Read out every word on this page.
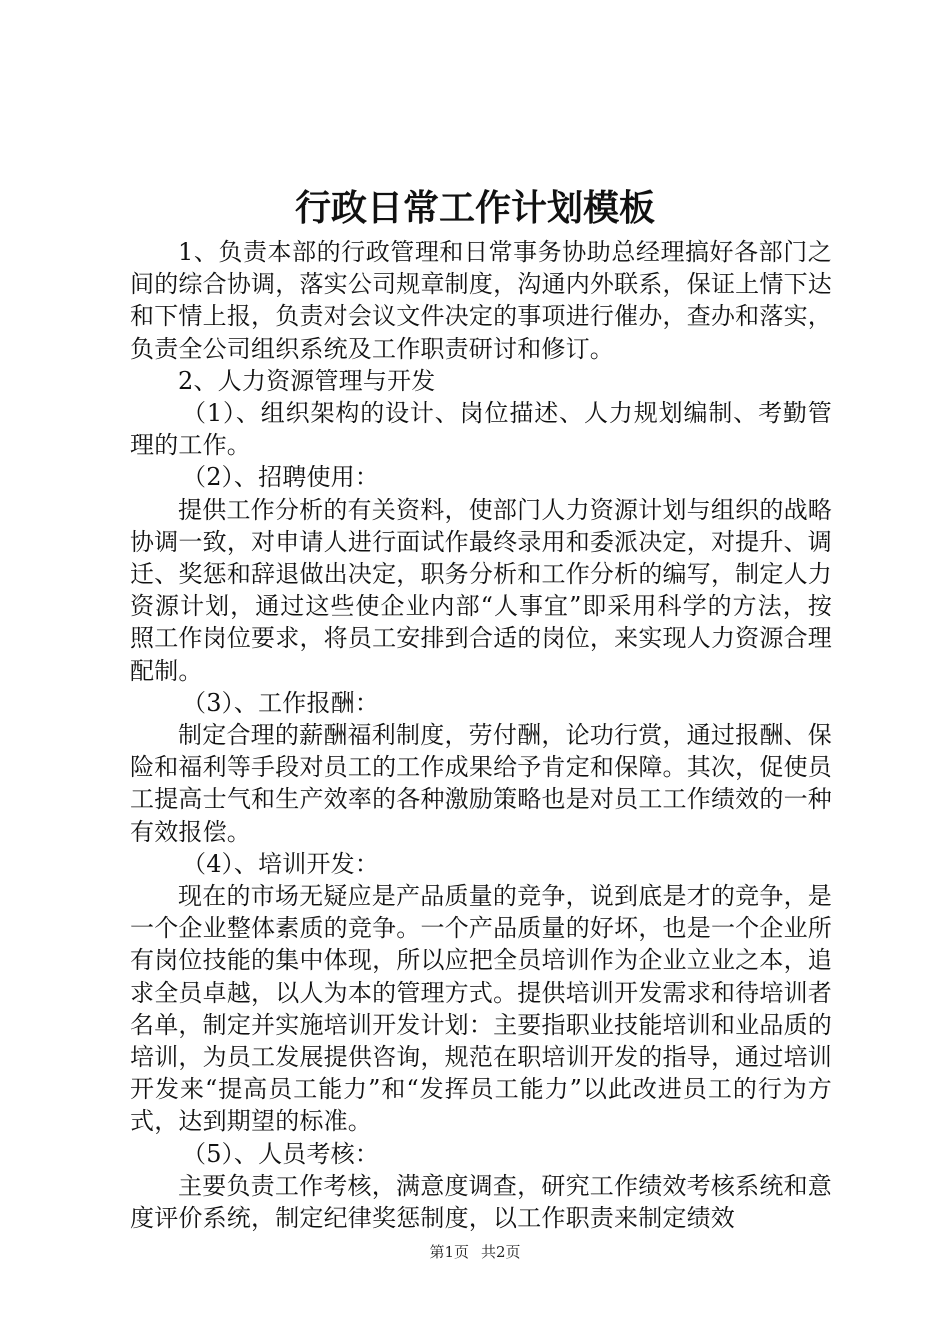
行政日常工作计划模板

1、负责本部的行政管理和日常事务协助总经理搞好各部门之间的综合协调，落实公司规章制度，沟通内外联系，保证上情下达和下情上报，负责对会议文件决定的事项进行催办，查办和落实，负责全公司组织系统及工作职责研讨和修订。

2、人力资源管理与开发

（1）、组织架构的设计、岗位描述、人力规划编制、考勤管理的工作。

（2）、招聘使用：

提供工作分析的有关资料，使部门人力资源计划与组织的战略协调一致，对申请人进行面试作最终录用和委派决定，对提升、调迁、奖惩和辞退做出决定，职务分析和工作分析的编写，制定人力资源计划，通过这些使企业内部“人事宜”即采用科学的方法，按照工作岗位要求，将员工安排到合适的岗位，来实现人力资源合理配制。

（3）、工作报酬：

制定合理的薪酬福利制度，劳付酬，论功行赏，通过报酬、保险和福利等手段对员工的工作成果给予肯定和保障。其次，促使员工提高士气和生产效率的各种激励策略也是对员工工作绩效的一种有效报偿。

（4）、培训开发：

现在的市场无疑应是产品质量的竞争，说到底是才的竞争，是一个企业整体素质的竞争。一个产品质量的好坏，也是一个企业所有岗位技能的集中体现，所以应把全员培训作为企业立业之本，追求全员卓越，以人为本的管理方式。提供培训开发需求和待培训者名单，制定并实施培训开发计划：主要指职业技能培训和业品质的培训，为员工发展提供咨询，规范在职培训开发的指导，通过培训开发来“提高员工能力”和“发挥员工能力”以此改进员工的行为方式，达到期望的标准。

（5）、人员考核：

主要负责工作考核，满意度调查，研究工作绩效考核系统和意度评价系统，制定纪律奖惩制度，以工作职责来制定绩效

第1页 共2页
